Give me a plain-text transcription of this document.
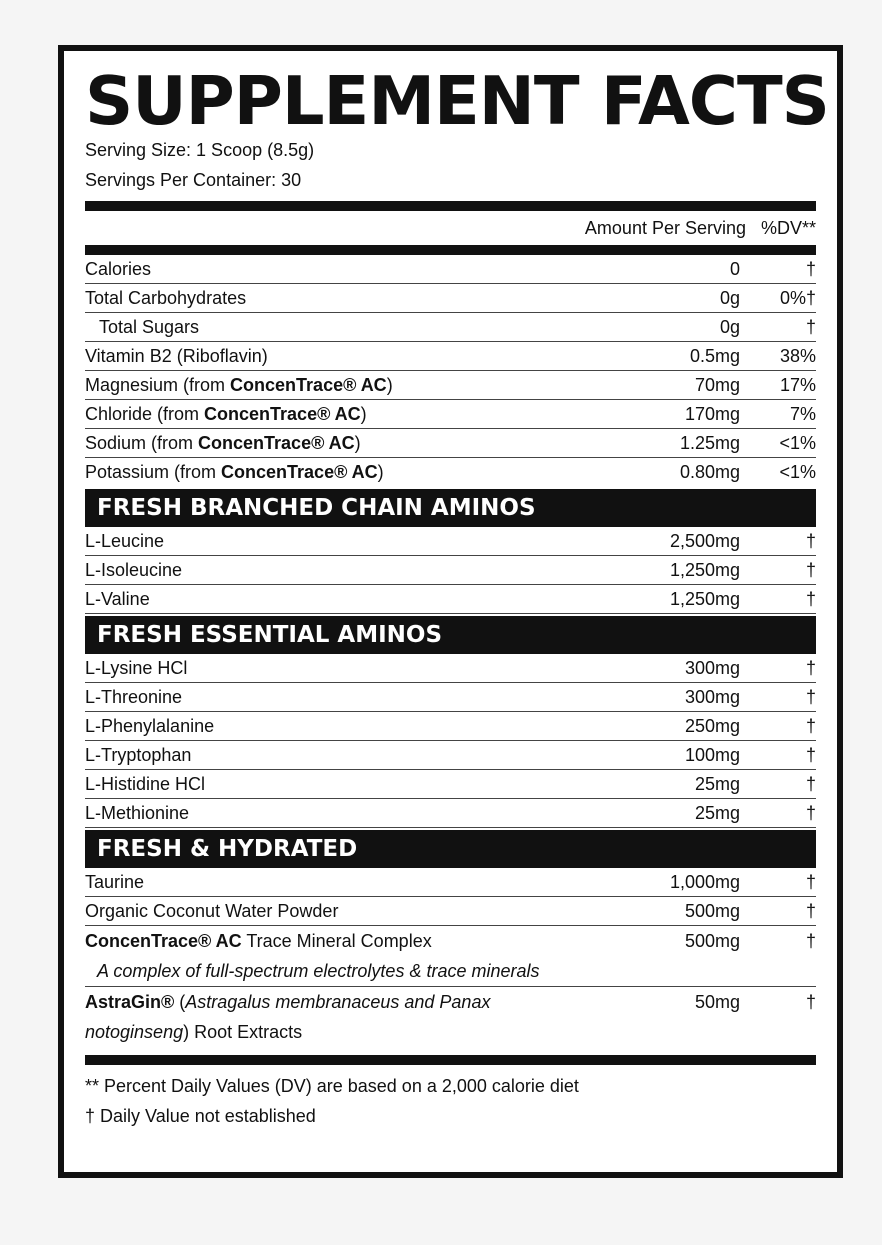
SUPPLEMENT FACTS
Serving Size: 1 Scoop (8.5g)
Servings Per Container: 30
Amount Per Serving %DV**
Calories	0	†
Total Carbohydrates	0g	0%†
Total Sugars	0g	†
Vitamin B2 (Riboflavin)	0.5mg	38%
Magnesium (from ConcenTrace® AC)	70mg	17%
Chloride (from ConcenTrace® AC)	170mg	7%
Sodium (from ConcenTrace® AC)	1.25mg	<1%
Potassium (from ConcenTrace® AC)	0.80mg	<1%
FRESH BRANCHED CHAIN AMINOS
L-Leucine	2,500mg	†
L-Isoleucine	1,250mg	†
L-Valine	1,250mg	†
FRESH ESSENTIAL AMINOS
L-Lysine HCl	300mg	†
L-Threonine	300mg	†
L-Phenylalanine	250mg	†
L-Tryptophan	100mg	†
L-Histidine HCl	25mg	†
L-Methionine	25mg	†
FRESH & HYDRATED
Taurine	1,000mg	†
Organic Coconut Water Powder	500mg	†
ConcenTrace® AC Trace Mineral Complex
A complex of full-spectrum electrolytes & trace minerals
500mg	†
AstraGin® (Astragalus membranaceus and Panax notoginseng) Root Extracts
50mg	†
** Percent Daily Values (DV) are based on a 2,000 calorie diet
† Daily Value not established
